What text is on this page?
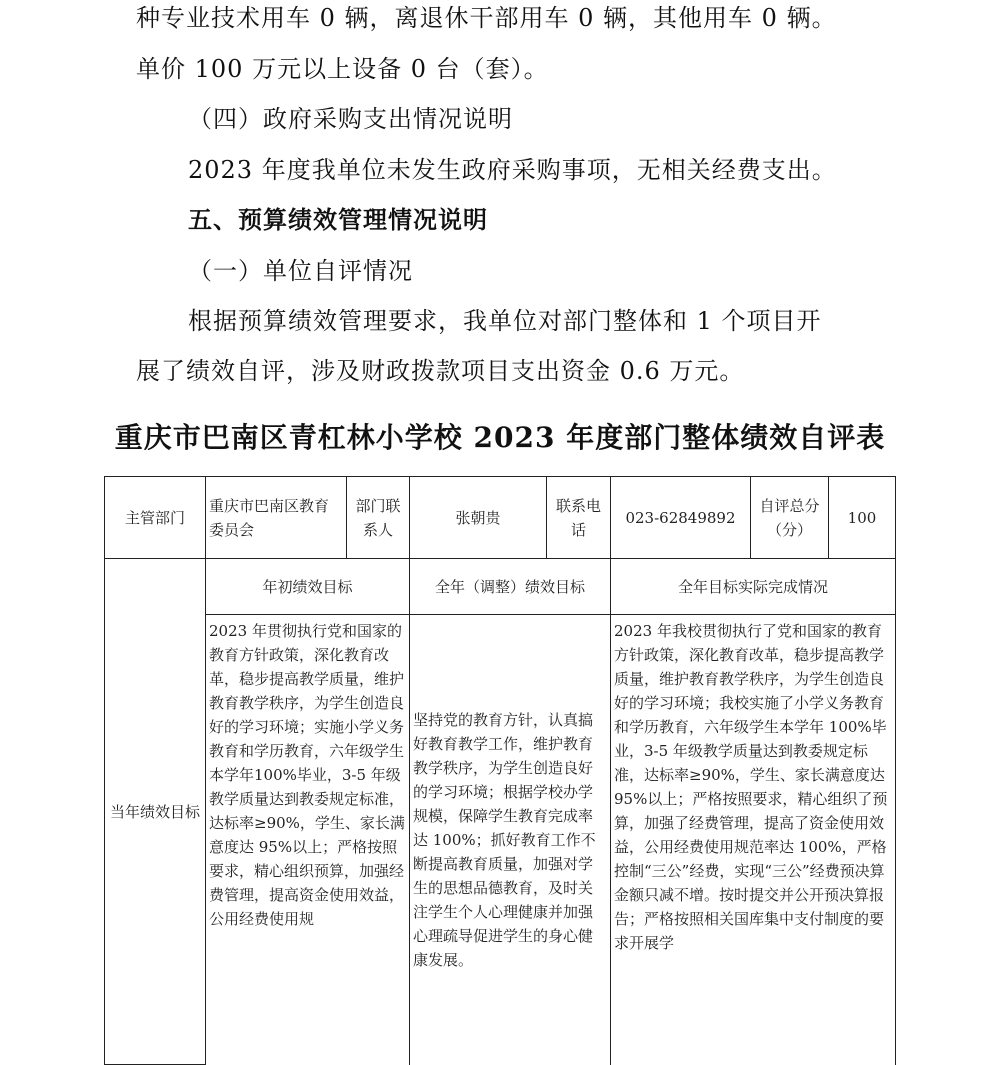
种专业技术用车 0 辆，离退休干部用车 0 辆，其他用车 0 辆。
单价 100 万元以上设备 0 台（套）。
（四）政府采购支出情况说明
2023 年度我单位未发生政府采购事项，无相关经费支出。
五、预算绩效管理情况说明
（一）单位自评情况
根据预算绩效管理要求，我单位对部门整体和 1 个项目开
展了绩效自评，涉及财政拨款项目支出资金 0.6 万元。
重庆市巴南区青杠林小学校 2023 年度部门整体绩效自评表
主管部门	重庆市巴南区教育委员会	部门联系人	张朝贵	联系电话	023-62849892	自评总分（分）	100
当年绩效目标	年初绩效目标		全年（调整）绩效目标		全年目标实际完成情况		
	2023 年贯彻执行党和国家的教育方针政策，深化教育改革，稳步提高教学质量，维护教育教学秩序，为学生创造良好的学习环境；实施小学义务教育和学历教育，六年级学生本学年100%毕业，3-5 年级教学质量达到教委规定标准，达标率≥90%，学生、家长满意度达 95%以上；严格按照要求，精心组织预算，加强经费管理，提高资金使用效益，公用经费使用规		坚持党的教育方针，认真搞好教育教学工作，维护教育教学秩序，为学生创造良好的学习环境；根据学校办学规模，保障学生教育完成率达 100%；抓好教育工作不断提高教育质量，加强对学生的思想品德教育，及时关注学生个人心理健康并加强心理疏导促进学生的身心健康发展。		2023 年我校贯彻执行了党和国家的教育方针政策，深化教育改革，稳步提高教学质量，维护教育教学秩序，为学生创造良好的学习环境；我校实施了小学义务教育和学历教育，六年级学生本学年 100%毕业，3-5 年级教学质量达到教委规定标准，达标率≥90%，学生、家长满意度达 95%以上；严格按照要求，精心组织了预算，加强了经费管理，提高了资金使用效益，公用经费使用规范率达 100%，严格控制“三公”经费，实现“三公”经费预决算金额只减不增。按时提交并公开预决算报告；严格按照相关国库集中支付制度的要求开展学		
